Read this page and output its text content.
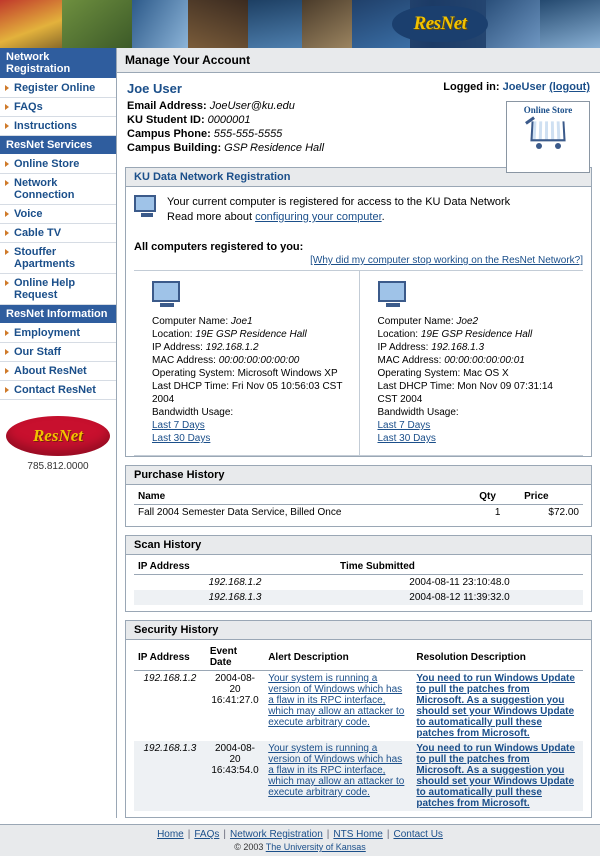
ResNet
Network Registration
Register Online
FAQs
Instructions
ResNet Services
Online Store
Network Connection
Voice
Cable TV
Stouffer Apartments
Online Help Request
ResNet Information
Employment
Our Staff
About ResNet
Contact ResNet
ResNet
785.812.0000
Manage Your Account
Logged in: JoeUser (logout)
Joe User
Email Address: JoeUser@ku.edu
KU Student ID: 0000001
Campus Phone: 555-555-5555
Campus Building: GSP Residence Hall
Online Store
KU Data Network Registration
Your current computer is registered for access to the KU Data Network
Read more about configuring your computer.
All computers registered to you:
[Why did my computer stop working on the ResNet Network?]
Computer Name: Joe1
Location: 19E GSP Residence Hall
IP Address: 192.168.1.2
MAC Address: 00:00:00:00:00:00
Operating System: Microsoft Windows XP
Last DHCP Time: Fri Nov 05 10:56:03 CST 2004
Bandwidth Usage:
Last 7 Days
Last 30 Days
Computer Name: Joe2
Location: 19E GSP Residence Hall
IP Address: 192.168.1.3
MAC Address: 00:00:00:00:00:01
Operating System: Mac OS X
Last DHCP Time: Mon Nov 09 07:31:14 CST 2004
Bandwidth Usage:
Last 7 Days
Last 30 Days
Purchase History
Name	Qty	Price
Fall 2004 Semester Data Service, Billed Once	1	$72.00
Scan History
IP Address	Time Submitted
192.168.1.2	2004-08-11 23:10:48.0
192.168.1.3	2004-08-12 11:39:32.0
Security History
IP Address	Event Date	Alert Description	Resolution Description
192.168.1.2	2004-08-20 16:41:27.0	Your system is running a version of Windows which has a flaw in its RPC interface, which may allow an attacker to execute arbitrary code.	You need to run Windows Update to pull the patches from Microsoft. As a suggestion you should set your Windows Update to automatically pull these patches from Microsoft.
192.168.1.3	2004-08-20 16:43:54.0	Your system is running a version of Windows which has a flaw in its RPC interface, which may allow an attacker to execute arbitrary code.	You need to run Windows Update to pull the patches from Microsoft. As a suggestion you should set your Windows Update to automatically pull these patches from Microsoft.
Home | FAQs | Network Registration | NTS Home | Contact Us
© 2003 The University of Kansas
